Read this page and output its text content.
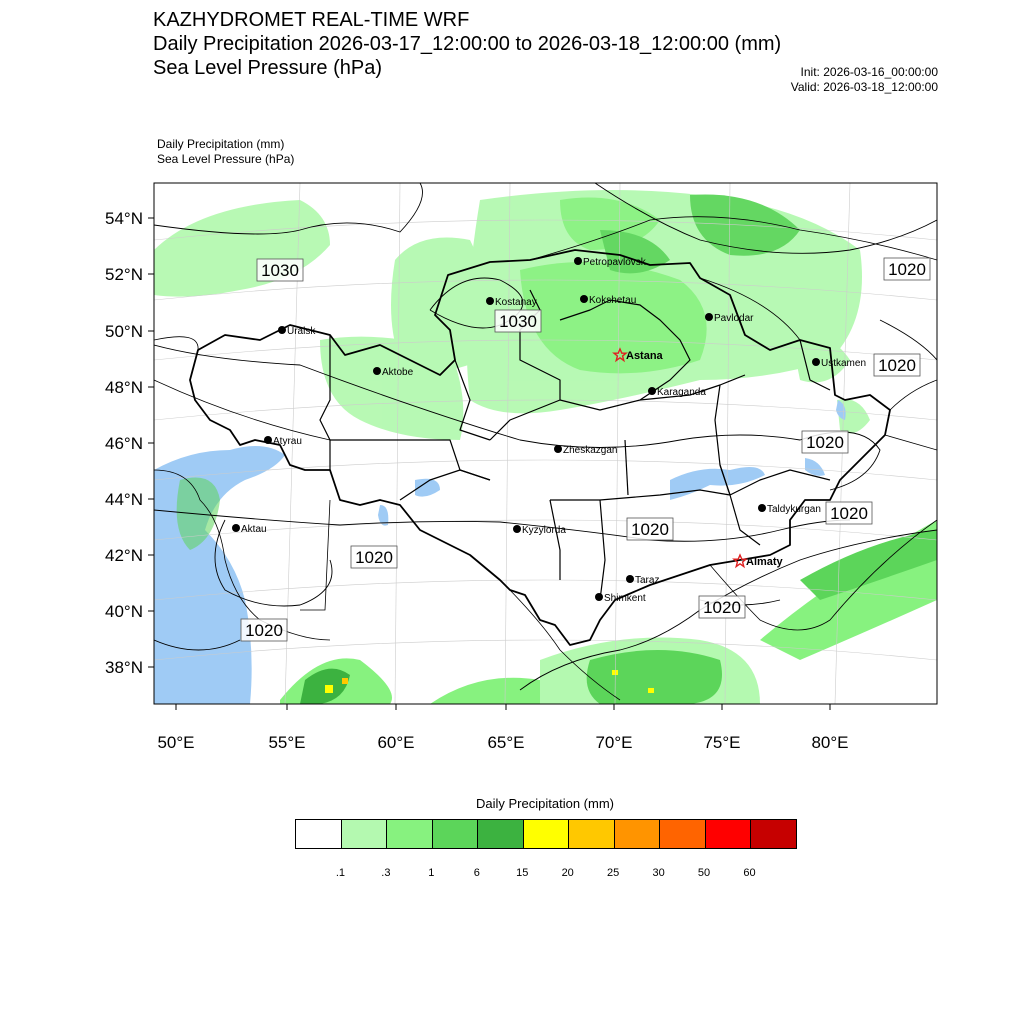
KAZHYDROMET REAL-TIME WRF
Daily Precipitation 2026-03-17_12:00:00 to 2026-03-18_12:00:00 (mm)
Sea Level Pressure (hPa)	Init: 2026-03-16_00:00:00
Valid: 2026-03-18_12:00:00
Daily Precipitation (mm)
Sea Level Pressure (hPa)
54°N
52°N
50°N
48°N
46°N
44°N
42°N
40°N
38°N
50°E	55°E	60°E	65°E	70°E	75°E	80°E
1030
1030
1020
1020
1020
1020
1020
1020
1020
1020
Petropavlovsk
Kostanay	Kokshetau
Pavlodar
Uralsk
Astana
Aktobe
Ustkamen
Karaganda
Atyrau
Zheskazgan
Taldykurgan
Aktau	Kyzylorda
Almaty
Taraz
Shimkent
Daily Precipitation (mm)
.1	.3	1	6	15	20	25	30	50	60
